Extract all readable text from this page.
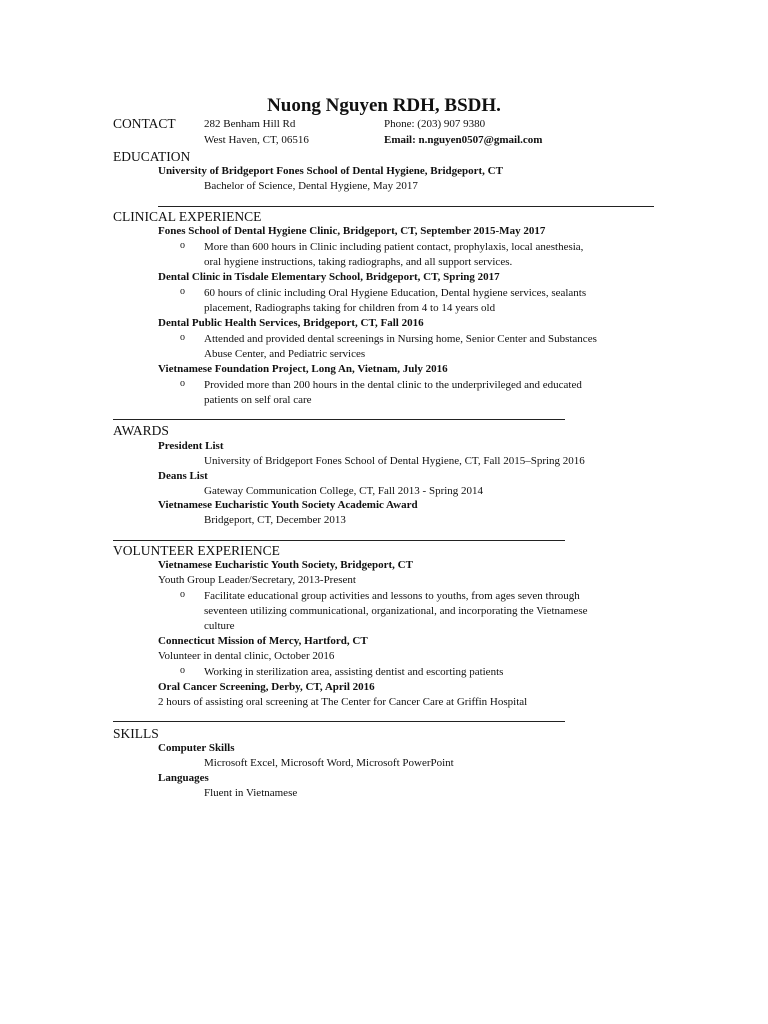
Nuong Nguyen RDH, BSDH.
CONTACT	282 Benham Hill Rd
West Haven, CT, 06516
Phone: (203) 907 9380
Email: n.nguyen0507@gmail.com
EDUCATION
University of Bridgeport Fones School of Dental Hygiene, Bridgeport, CT
Bachelor of Science, Dental Hygiene, May 2017
CLINICAL EXPERIENCE
Fones School of Dental Hygiene Clinic, Bridgeport, CT, September 2015-May 2017
o More than 600 hours in Clinic including patient contact, prophylaxis, local anesthesia,
oral hygiene instructions, taking radiographs, and all support services.
Dental Clinic in Tisdale Elementary School, Bridgeport, CT, Spring 2017
o 60 hours of clinic including Oral Hygiene Education, Dental hygiene services, sealants
placement, Radiographs taking for children from 4 to 14 years old
Dental Public Health Services, Bridgeport, CT, Fall 2016
o Attended and provided dental screenings in Nursing home, Senior Center and Substances
Abuse Center, and Pediatric services
Vietnamese Foundation Project, Long An, Vietnam, July 2016
o Provided more than 200 hours in the dental clinic to the underprivileged and educated
patients on self oral care
AWARDS
President List
University of Bridgeport Fones School of Dental Hygiene, CT, Fall 2015–Spring 2016
Deans List
Gateway Communication College, CT, Fall 2013 - Spring 2014
Vietnamese Eucharistic Youth Society Academic Award
Bridgeport, CT, December 2013
VOLUNTEER EXPERIENCE
Vietnamese Eucharistic Youth Society, Bridgeport, CT
Youth Group Leader/Secretary, 2013-Present
o Facilitate educational group activities and lessons to youths, from ages seven through
seventeen utilizing communicational, organizational, and incorporating the Vietnamese
culture
Connecticut Mission of Mercy, Hartford, CT
Volunteer in dental clinic, October 2016
o Working in sterilization area, assisting dentist and escorting patients
Oral Cancer Screening, Derby, CT, April 2016
2 hours of assisting oral screening at The Center for Cancer Care at Griffin Hospital
SKILLS
Computer Skills
Microsoft Excel, Microsoft Word, Microsoft PowerPoint
Languages
Fluent in Vietnamese
